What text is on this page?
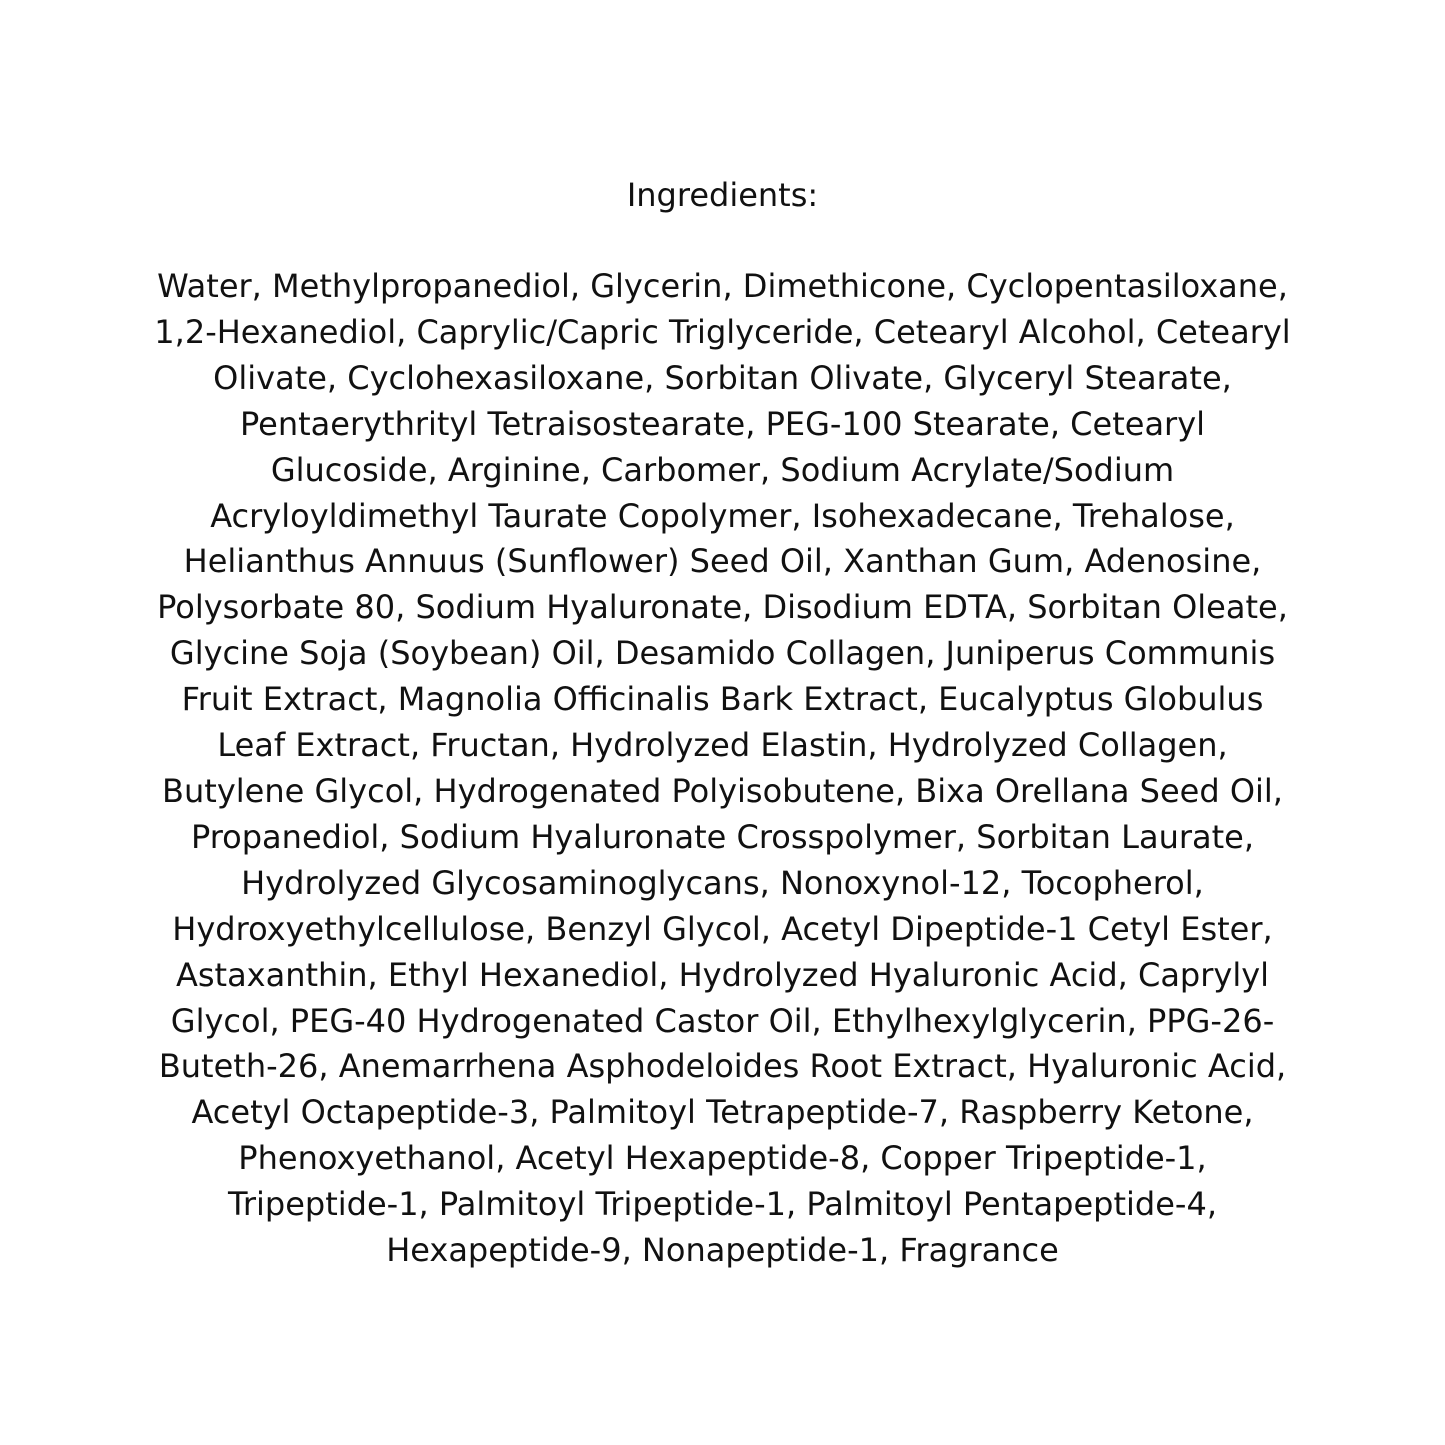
Ingredients:
Water, Methylpropanediol, Glycerin, Dimethicone, Cyclopentasiloxane,
1,2-Hexanediol, Caprylic/Capric Triglyceride, Cetearyl Alcohol, Cetearyl
Olivate, Cyclohexasiloxane, Sorbitan Olivate, Glyceryl Stearate,
Pentaerythrityl Tetraisostearate, PEG-100 Stearate, Cetearyl
Glucoside, Arginine, Carbomer, Sodium Acrylate/Sodium
Acryloyldimethyl Taurate Copolymer, Isohexadecane, Trehalose,
Helianthus Annuus (Sunflower) Seed Oil, Xanthan Gum, Adenosine,
Polysorbate 80, Sodium Hyaluronate, Disodium EDTA, Sorbitan Oleate,
Glycine Soja (Soybean) Oil, Desamido Collagen, Juniperus Communis
Fruit Extract, Magnolia Officinalis Bark Extract, Eucalyptus Globulus
Leaf Extract, Fructan, Hydrolyzed Elastin, Hydrolyzed Collagen,
Butylene Glycol, Hydrogenated Polyisobutene, Bixa Orellana Seed Oil,
Propanediol, Sodium Hyaluronate Crosspolymer, Sorbitan Laurate,
Hydrolyzed Glycosaminoglycans, Nonoxynol-12, Tocopherol,
Hydroxyethylcellulose, Benzyl Glycol, Acetyl Dipeptide-1 Cetyl Ester,
Astaxanthin, Ethyl Hexanediol, Hydrolyzed Hyaluronic Acid, Caprylyl
Glycol, PEG-40 Hydrogenated Castor Oil, Ethylhexylglycerin, PPG-26-
Buteth-26, Anemarrhena Asphodeloides Root Extract, Hyaluronic Acid,
Acetyl Octapeptide-3, Palmitoyl Tetrapeptide-7, Raspberry Ketone,
Phenoxyethanol, Acetyl Hexapeptide-8, Copper Tripeptide-1,
Tripeptide-1, Palmitoyl Tripeptide-1, Palmitoyl Pentapeptide-4,
Hexapeptide-9, Nonapeptide-1, Fragrance
